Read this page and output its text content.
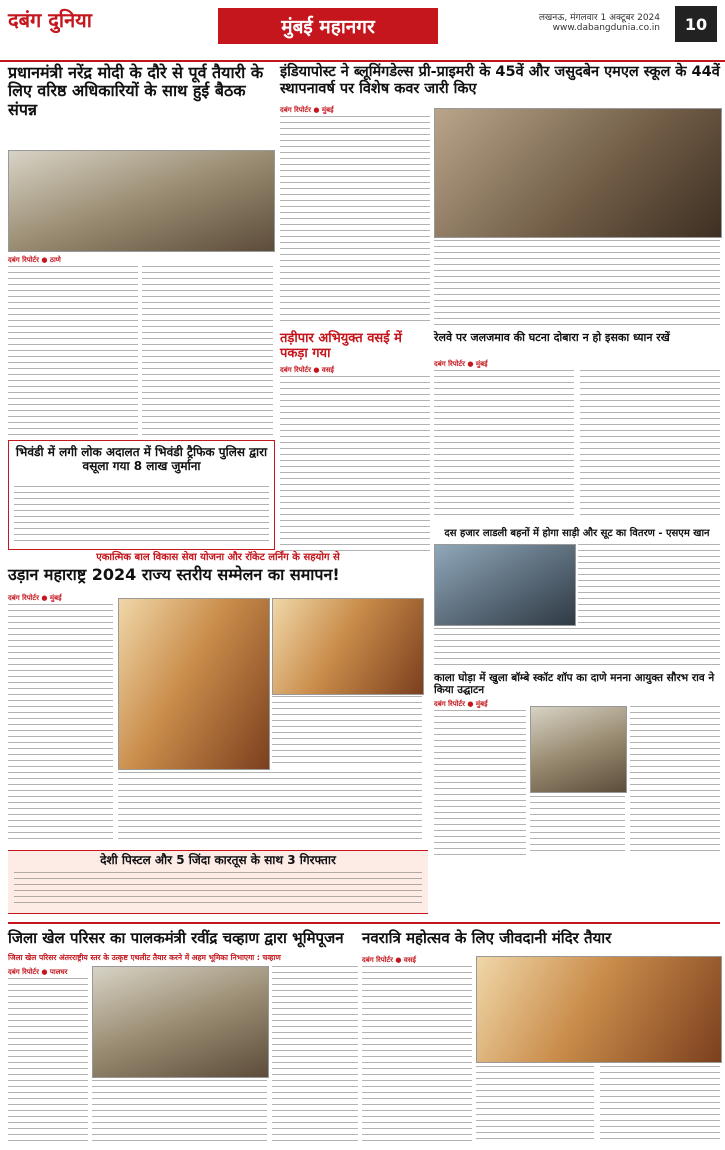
दबंग दुनिया	मुंबई महानगर	लखनऊ, मंगलवार 1 अक्टूबर 2024
www.dabangdunia.co.in	10
प्रधानमंत्री नरेंद्र मोदी के दौरे से पूर्व तैयारी के लिए वरिष्ठ अधिकारियों के साथ हुई बैठक संपन्न
दबंग रिपोर्टर ● ठाणे
इंडियापोस्ट ने ब्लूमिंगडेल्स प्री-प्राइमरी के 45वें और जसुदबेन एमएल स्कूल के 44वें स्थापनावर्ष पर विशेष कवर जारी किए
दबंग रिपोर्टर ● मुंबई
तड़ीपार अभियुक्त वसई में पकड़ा गया
दबंग रिपोर्टर ● वसई
रेलवे पर जलजमाव की घटना दोबारा न हो इसका ध्यान रखें
दबंग रिपोर्टर ● मुंबई
भिवंडी में लगी लोक अदालत में भिवंडी ट्रैफिक पुलिस द्वारा वसूला गया 8 लाख जुर्माना
एकात्मिक बाल विकास सेवा योजना और रॉकेट लर्निंग के सहयोग से
उड़ान महाराष्ट्र 2024 राज्य स्तरीय सम्मेलन का समापन!
दबंग रिपोर्टर ● मुंबई
दस हजार लाडली बहनों में होगा साड़ी और सूट का वितरण - एसएम खान
काला घोड़ा में खुला बॉम्बे स्कॉट शॉप का दाणे मनना आयुक्त सौरभ राव ने किया उद्घाटन
दबंग रिपोर्टर ● मुंबई
देशी पिस्टल और 5 जिंदा कारतूस के साथ 3 गिरफ्तार
जिला खेल परिसर का पालकमंत्री रवींद्र चव्हाण द्वारा भूमिपूजन
जिला खेल परिसर अंतरराष्ट्रीय स्तर के उत्कृष्ट एथलीट तैयार करने में अहम भूमिका निभाएगा : चव्हाण
दबंग रिपोर्टर ● पालघर
नवरात्रि महोत्सव के लिए जीवदानी मंदिर तैयार
दबंग रिपोर्टर ● वसई
